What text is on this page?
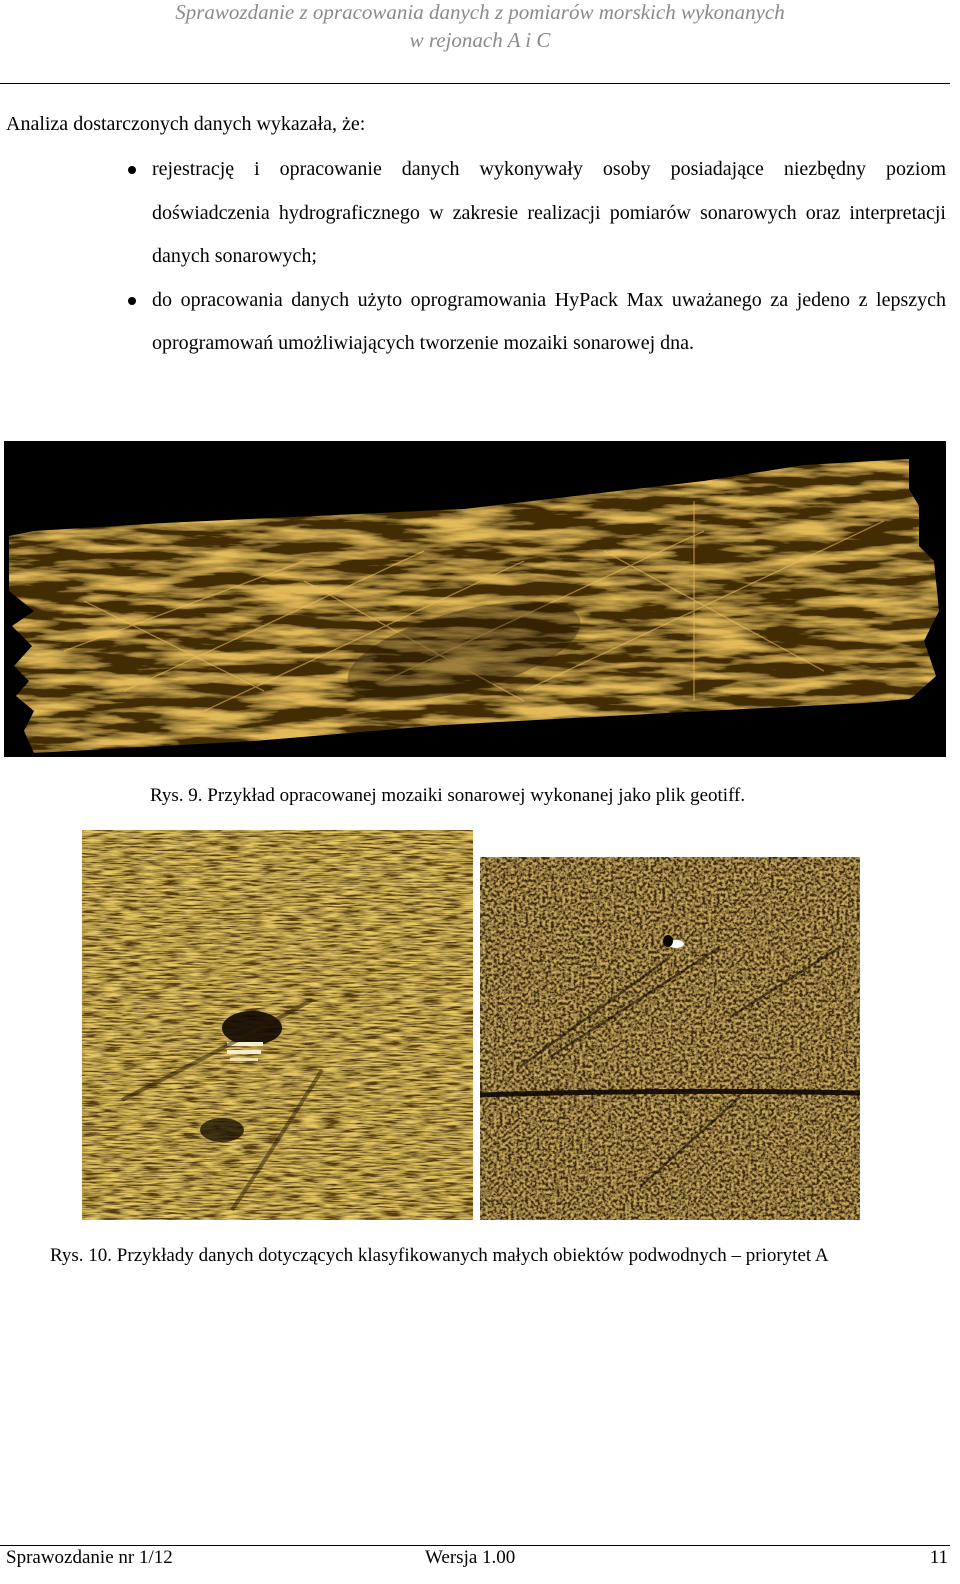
Sprawozdanie z opracowania danych z pomiarów morskich wykonanych
w rejonach A i C
Analiza dostarczonych danych wykazała, że:
rejestrację i opracowanie danych wykonywały osoby posiadające niezbędny poziom doświadczenia hydrograficznego w zakresie realizacji pomiarów sonarowych oraz interpretacji danych sonarowych;
do opracowania danych użyto oprogramowania HyPack Max uważanego za jedeno z lepszych oprogramowań umożliwiających tworzenie mozaiki sonarowej dna.
Rys. 9. Przykład opracowanej mozaiki sonarowej wykonanej jako plik geotiff.
Rys. 10. Przykłady danych dotyczących klasyfikowanych małych obiektów podwodnych – priorytet A
Sprawozdanie nr 1/12	Wersja 1.00	11
